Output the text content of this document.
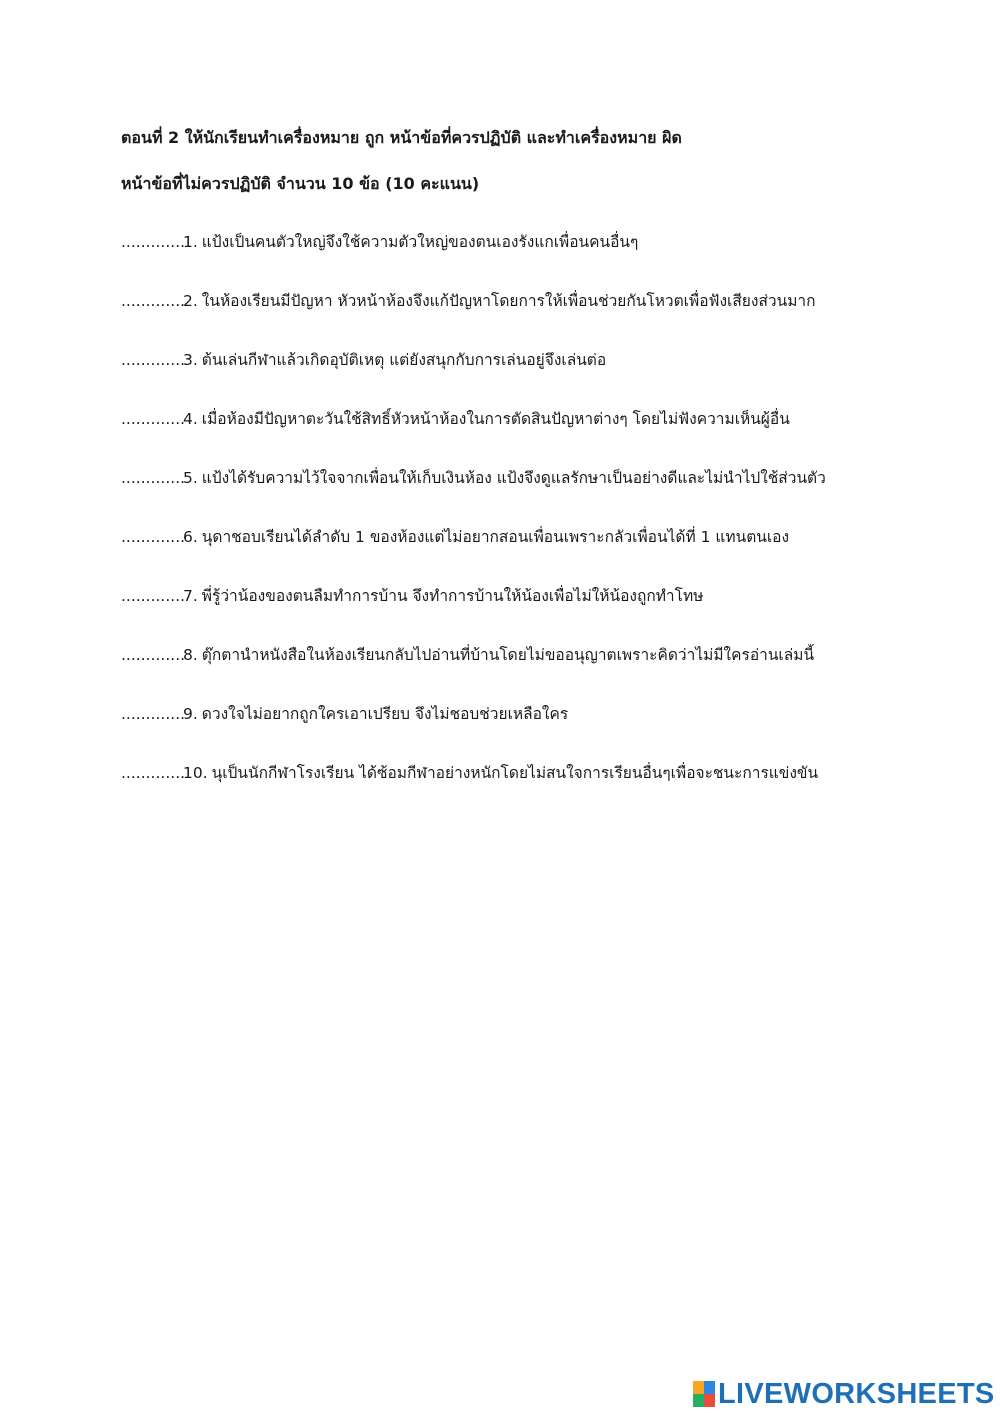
ตอนที่ 2 ให้นักเรียนทำเครื่องหมาย ถูก หน้าข้อที่ควรปฏิบัติ และทำเครื่องหมาย ผิด
หน้าข้อที่ไม่ควรปฏิบัติ จำนวน 10 ข้อ (10 คะแนน)
.............1. แป้งเป็นคนตัวใหญ่จึงใช้ความตัวใหญ่ของตนเองรังแกเพื่อนคนอื่นๆ
.............2. ในห้องเรียนมีปัญหา หัวหน้าห้องจึงแก้ปัญหาโดยการให้เพื่อนช่วยกันโหวตเพื่อฟังเสียงส่วนมาก
.............3. ต้นเล่นกีฬาแล้วเกิดอุบัติเหตุ แต่ยังสนุกกับการเล่นอยู่จึงเล่นต่อ
.............4. เมื่อห้องมีปัญหาตะวันใช้สิทธิ์หัวหน้าห้องในการตัดสินปัญหาต่างๆ โดยไม่ฟังความเห็นผู้อื่น
.............5. แป้งได้รับความไว้ใจจากเพื่อนให้เก็บเงินห้อง แป้งจึงดูแลรักษาเป็นอย่างดีและไม่นำไปใช้ส่วนตัว
.............6. นุดาชอบเรียนได้ลำดับ 1 ของห้องแต่ไม่อยากสอนเพื่อนเพราะกลัวเพื่อนได้ที่ 1 แทนตนเอง
.............7. พี่รู้ว่าน้องของตนลืมทำการบ้าน จึงทำการบ้านให้น้องเพื่อไม่ให้น้องถูกทำโทษ
.............8. ตุ๊กตานำหนังสือในห้องเรียนกลับไปอ่านที่บ้านโดยไม่ขออนุญาตเพราะคิดว่าไม่มีใครอ่านเล่มนี้
.............9. ดวงใจไม่อยากถูกใครเอาเปรียบ จึงไม่ชอบช่วยเหลือใคร
.............10. นุเป็นนักกีฬาโรงเรียน ได้ซ้อมกีฬาอย่างหนักโดยไม่สนใจการเรียนอื่นๆเพื่อจะชนะการแข่งขัน
LIVEWORKSHEETS
